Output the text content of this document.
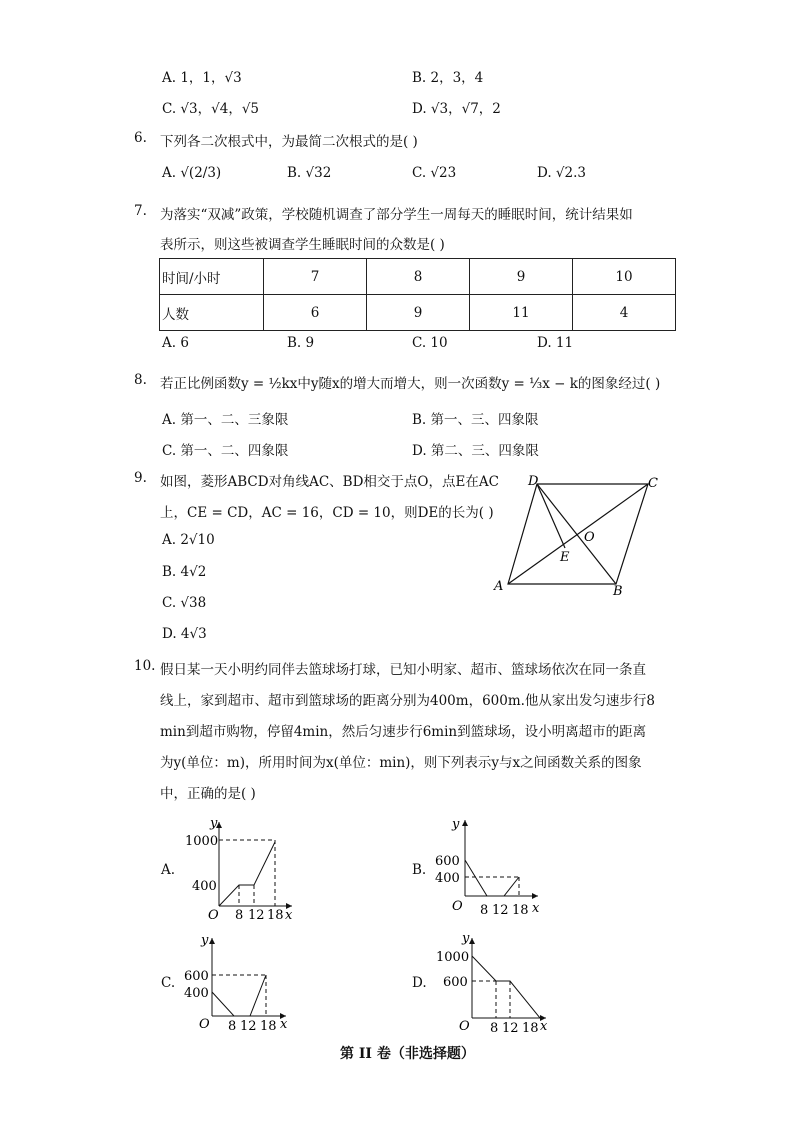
A. 1，1，√3	B. 2，3，4
C. √3，√4，√5	D. √3，√7，2
6. 下列各二次根式中，为最简二次根式的是( )
A. √(2/3)	B. √32	C. √23	D. √2.3
7. 为落实“双减”政策，学校随机调查了部分学生一周每天的睡眠时间，统计结果如
表所示，则这些被调查学生睡眠时间的众数是( )
时间/小时	7	8	9	10
人数	6	9	11	4
A. 6	B. 9	C. 10	D. 11
8. 若正比例函数y = ½kx中y随x的增大而增大，则一次函数y = ⅓x − k的图象经过( )
A. 第一、二、三象限	B. 第一、三、四象限
C. 第一、二、四象限	D. 第二、三、四象限
9. 如图，菱形ABCD对角线AC、BD相交于点O，点E在AC
上，CE = CD，AC = 16，CD = 10，则DE的长为( )
A. 2√10
B. 4√2
C. √38
D. 4√3
D	C
A	B
E
O
10. 假日某一天小明约同伴去篮球场打球，已知小明家、超市、篮球场依次在同一条直
线上，家到超市、超市到篮球场的距离分别为400m，600m.他从家出发匀速步行8
min到超市购物，停留4min，然后匀速步行6min到篮球场，设小明离超市的距离
为y(单位：m)，所用时间为x(单位：min)，则下列表示y与x之间函数关系的图象
中，正确的是( )
A.
1000
400
8 12 18
O	x
y
B.
600
400
8 12 18
O	x
y
C. 600
400
8 12 18
O	x
y
D.
1000
600
8 12 18
O	x
y
第 II 卷（非选择题）
